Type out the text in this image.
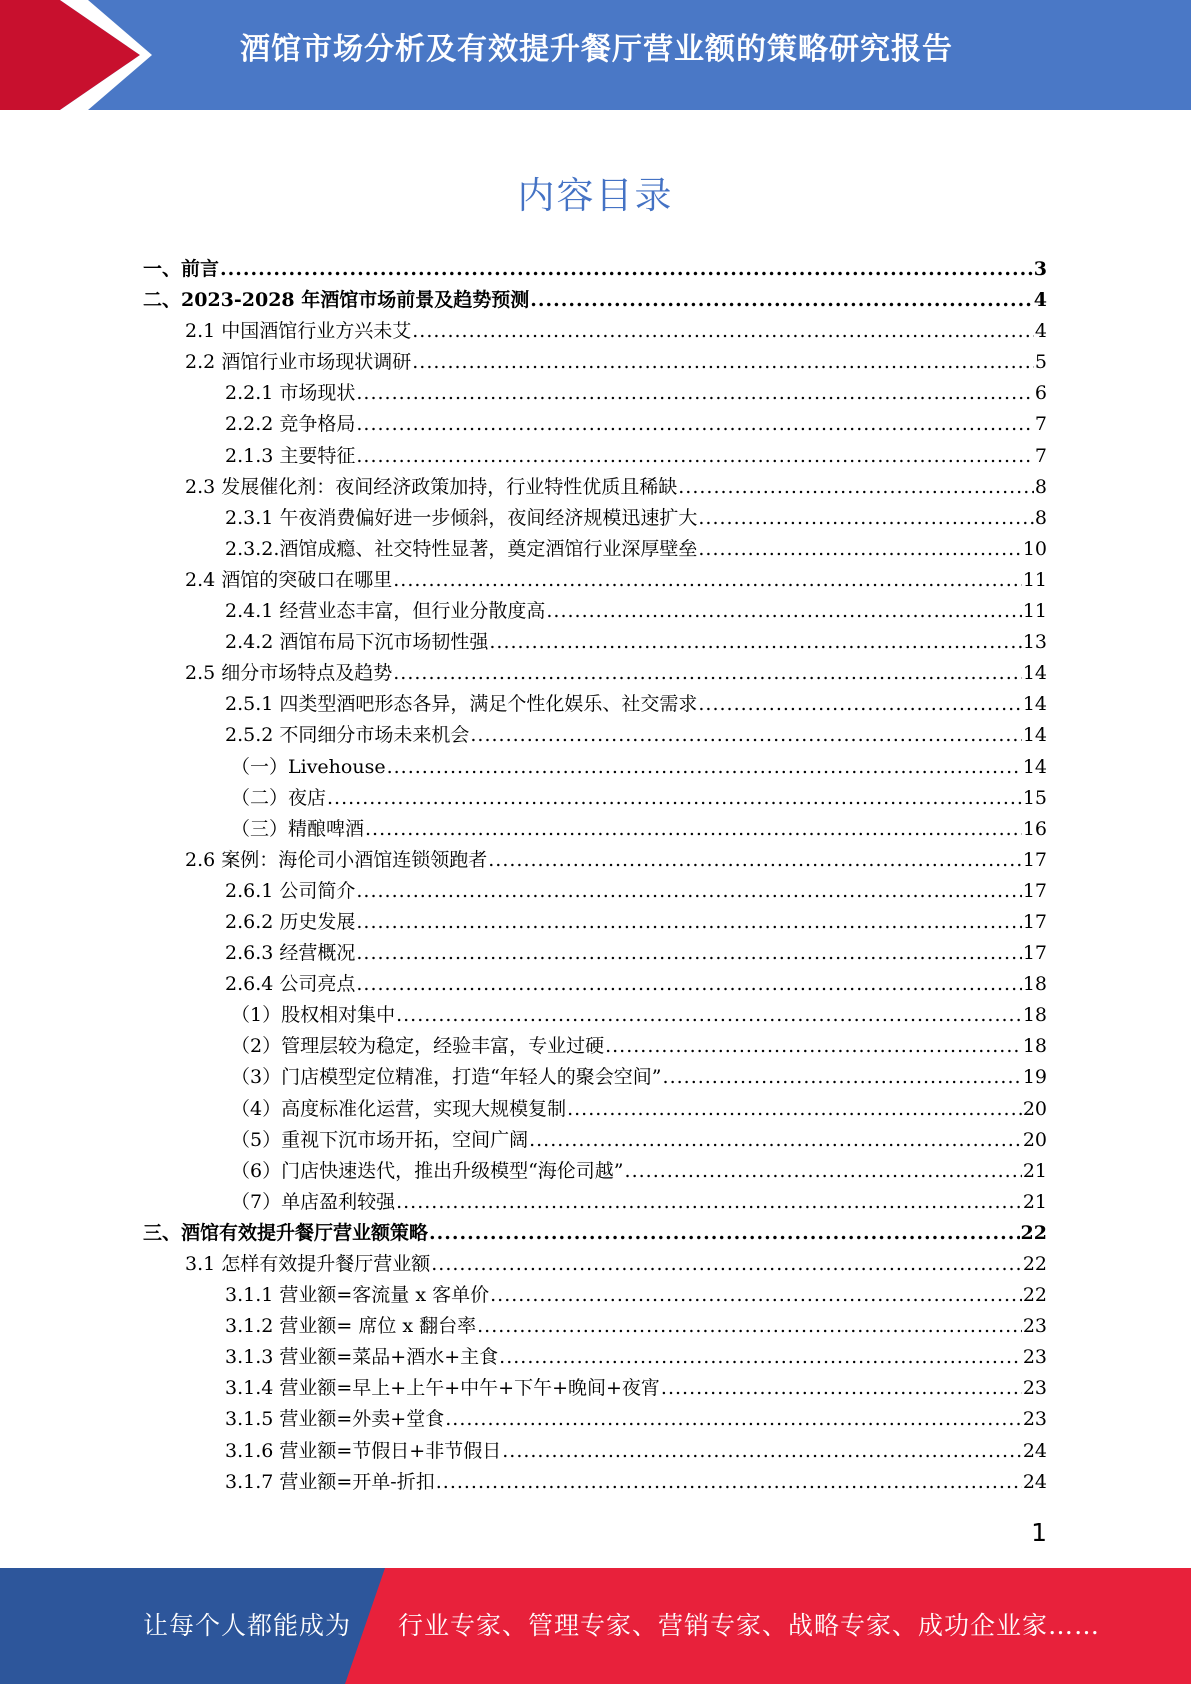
酒馆市场分析及有效提升餐厅营业额的策略研究报告
内容目录
一、前言 .....	3
二、2023-2028 年酒馆市场前景及趋势预测 .....	4
2.1 中国酒馆行业方兴未艾 .....	4
2.2 酒馆行业市场现状调研 .....	5
2.2.1 市场现状 .....	6
2.2.2 竞争格局 .....	7
2.1.3 主要特征 .....	7
2.3 发展催化剂：夜间经济政策加持，行业特性优质且稀缺 .....	8
2.3.1 午夜消费偏好进一步倾斜，夜间经济规模迅速扩大 .....	8
2.3.2.酒馆成瘾、社交特性显著，奠定酒馆行业深厚壁垒 .....	10
2.4 酒馆的突破口在哪里 .....	11
2.4.1 经营业态丰富，但行业分散度高 .....	11
2.4.2 酒馆布局下沉市场韧性强 .....	13
2.5 细分市场特点及趋势 .....	14
2.5.1 四类型酒吧形态各异，满足个性化娱乐、社交需求 .....	14
2.5.2 不同细分市场未来机会 .....	14
（一）Livehouse .....	14
（二）夜店 .....	15
（三）精酿啤酒 .....	16
2.6 案例：海伦司小酒馆连锁领跑者 .....	17
2.6.1 公司简介 .....	17
2.6.2 历史发展 .....	17
2.6.3 经营概况 .....	17
2.6.4 公司亮点 .....	18
（1）股权相对集中 .....	18
（2）管理层较为稳定，经验丰富，专业过硬 .....	18
（3）门店模型定位精准，打造“年轻人的聚会空间” .....	19
（4）高度标准化运营，实现大规模复制 .....	20
（5）重视下沉市场开拓，空间广阔 .....	20
（6）门店快速迭代，推出升级模型“海伦司越” .....	21
（7）单店盈利较强 .....	21
三、酒馆有效提升餐厅营业额策略 .....	22
3.1 怎样有效提升餐厅营业额 .....	22
3.1.1 营业额=客流量 x 客单价 .....	22
3.1.2 营业额= 席位 x 翻台率 .....	23
3.1.3 营业额=菜品+酒水+主食 .....	23
3.1.4 营业额=早上+上午+中午+下午+晚间+夜宵 .....	23
3.1.5 营业额=外卖+堂食 .....	23
3.1.6 营业额=节假日+非节假日 .....	24
3.1.7 营业额=开单-折扣 .....	24
1
让每个人都能成为 行业专家、管理专家、营销专家、战略专家、成功企业家……
